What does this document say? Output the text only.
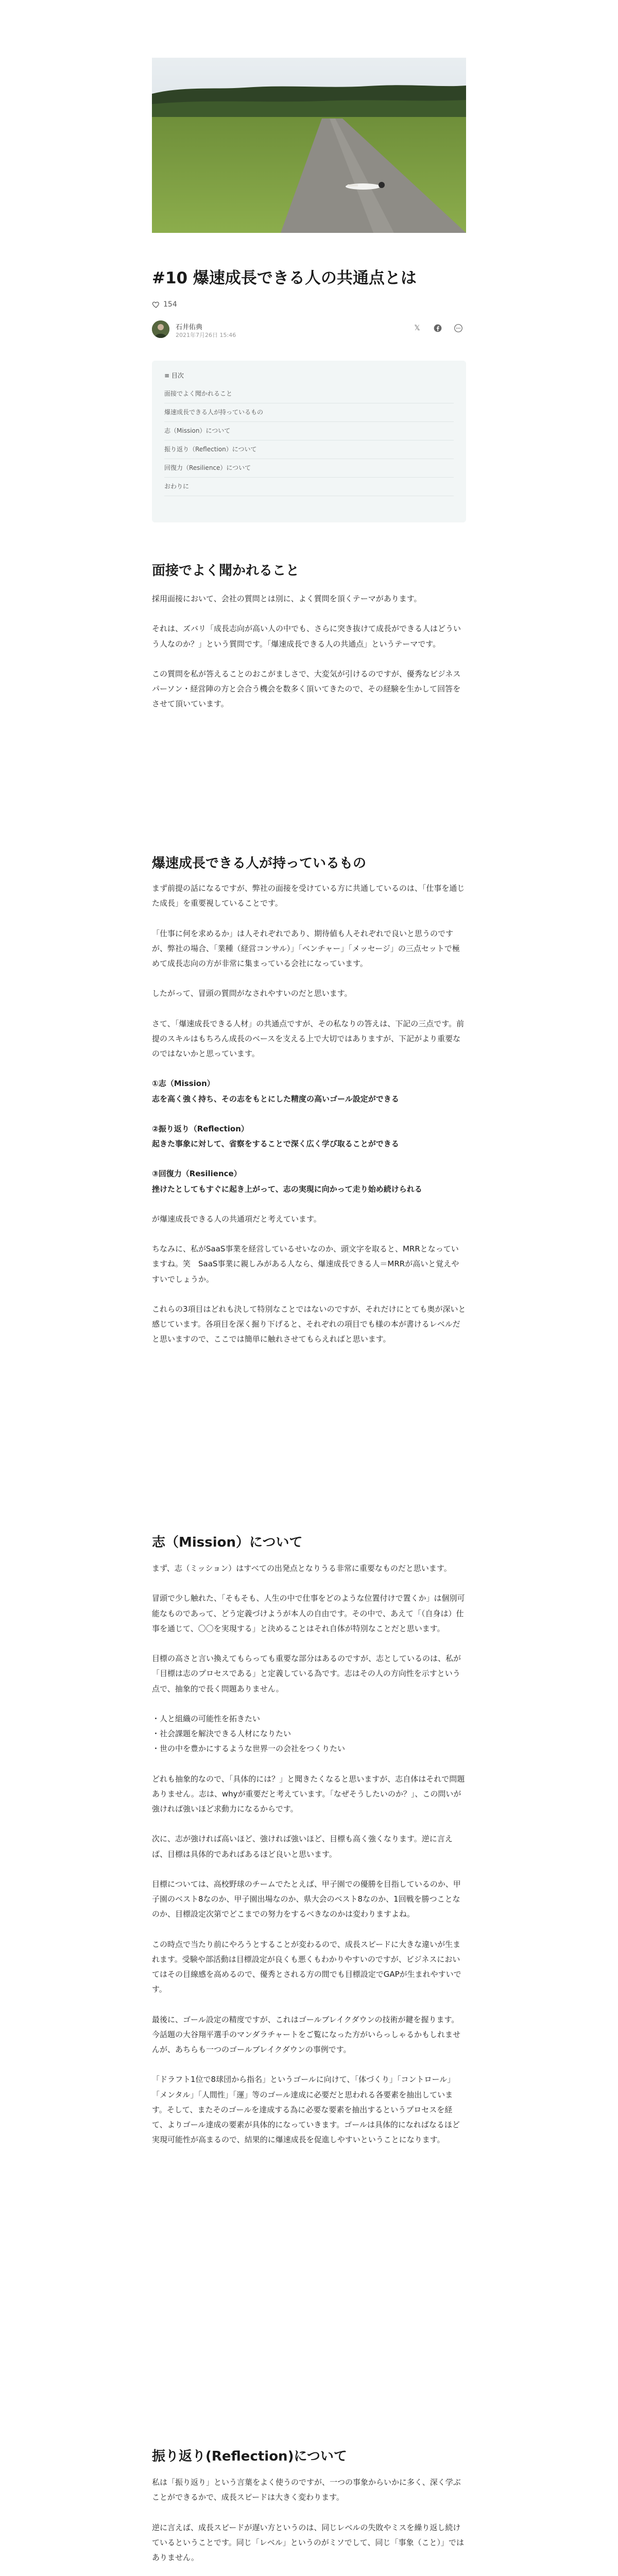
#10 爆速成長できる人の共通点とは
154
石井佑典
2021年7月26日 15:46
𝕏
≡ 目次
面接でよく聞かれること
爆速成長できる人が持っているもの
志（Mission）について
振り返り（Reflection）について
回復力（Resilience）について
おわりに
面接でよく聞かれること

採用面接において、会社の質問とは別に、よく質問を頂くテーマがあります。

それは、ズバリ「成長志向が高い人の中でも、さらに突き抜けて成長ができる人はどういう人なのか？」という質問です。「爆速成長できる人の共通点」というテーマです。

この質問を私が答えることのおこがましさで、大変気が引けるのですが、優秀なビジネスパーソン・経営陣の方と会合う機会を数多く頂いてきたので、その経験を生かして回答をさせて頂いています。

爆速成長できる人が持っているもの

まず前提の話になるですが、弊社の面接を受けている方に共通しているのは、「仕事を通じた成長」を重要視していることです。

「仕事に何を求めるか」は人それぞれであり、期待値も人それぞれで良いと思うのですが、弊社の場合、「業種（経営コンサル）」「ベンチャー」「メッセージ」の三点セットで極めて成長志向の方が非常に集まっている会社になっています。

したがって、冒頭の質問がなされやすいのだと思います。

さて、「爆速成長できる人材」の共通点ですが、その私なりの答えは、下記の三点です。前提のスキルはもちろん成長のベースを支える上で大切ではありますが、下記がより重要なのではないかと思っています。

①志（Mission）
志を高く強く持ち、その志をもとにした精度の高いゴール設定ができる

②振り返り（Reflection）
起きた事象に対して、省察をすることで深く広く学び取ることができる

③回復力（Resilience）
挫けたとしてもすぐに起き上がって、志の実現に向かって走り始め続けられる

が爆速成長できる人の共通項だと考えています。

ちなみに、私がSaaS事業を経営しているせいなのか、頭文字を取ると、MRRとなっていますね。笑　SaaS事業に親しみがある人なら、爆速成長できる人＝MRRが高いと覚えやすいでしょうか。

これらの3項目はどれも決して特別なことではないのですが、それだけにとても奥が深いと感じています。各項目を深く掘り下げると、それぞれの項目でも様の本が書けるレベルだと思いますので、ここでは簡単に触れさせてもらえればと思います。

志（Mission）について

まず、志（ミッション）はすべての出発点となりうる非常に重要なものだと思います。

冒頭で少し触れた、「そもそも、人生の中で仕事をどのような位置付けで置くか」は個別可能なものであって、どう定義づけようが本人の自由です。その中で、あえて「（自身は）仕事を通じて、〇〇を実現する」と決めることはそれ自体が特別なことだと思います。

目標の高さと言い換えてもらっても重要な部分はあるのですが、志としているのは、私が「目標は志のプロセスである」と定義している為です。志はその人の方向性を示すという点で、抽象的で長く問題ありません。

・人と組織の可能性を拓きたい
・社会課題を解決できる人材になりたい
・世の中を豊かにするような世界一の会社をつくりたい

どれも抽象的なので、「具体的には？」と聞きたくなると思いますが、志自体はそれで問題ありません。志は、whyが重要だと考えています。「なぜそうしたいのか？」、この問いが強ければ強いほど求動力になるからです。

次に、志が強ければ高いほど、強ければ強いほど、目標も高く強くなります。逆に言えば、目標は具体的であればあるほど良いと思います。

目標については、高校野球のチームでたとえば、甲子園での優勝を目指しているのか、甲子園のベスト8なのか、甲子園出場なのか、県大会のベスト8なのか、1回戦を勝つことなのか、目標設定次第でどこまでの努力をするべきなのかは変わりますよね。

この時点で当たり前にやろうとすることが変わるので、成長スピードに大きな違いが生まれます。受験や部活動は目標設定が良くも悪くもわかりやすいのですが、ビジネスにおいてはその目線感を高めるので、優秀とされる方の間でも目標設定でGAPが生まれやすいです。

最後に、ゴール設定の精度ですが、これはゴールブレイクダウンの技術が鍵を握ります。今話題の大谷翔平選手のマンダラチャートをご覧になった方がいらっしゃるかもしれませんが、あちらも一つのゴールブレイクダウンの事例です。

「ドラフト1位で8球団から指名」というゴールに向けて、「体づくり」「コントロール」「メンタル」「人間性」「運」等のゴール達成に必要だと思われる各要素を抽出しています。そして、またそのゴールを達成する為に必要な要素を抽出するというプロセスを経て、よりゴール達成の要素が具体的になっていきます。ゴールは具体的になればなるほど実現可能性が高まるので、結果的に爆速成長を促進しやすいということになります。

振り返り(Reflection)について

私は「振り返り」という言葉をよく使うのですが、一つの事象からいかに多く、深く学ぶことができるかで、成長スピードは大きく変わります。

逆に言えば、成長スピードが遅い方というのは、同じレベルの失敗やミスを繰り返し続けているということです。同じ「レベル」というのがミソでして、同じ「事象（こと）」ではありません。
